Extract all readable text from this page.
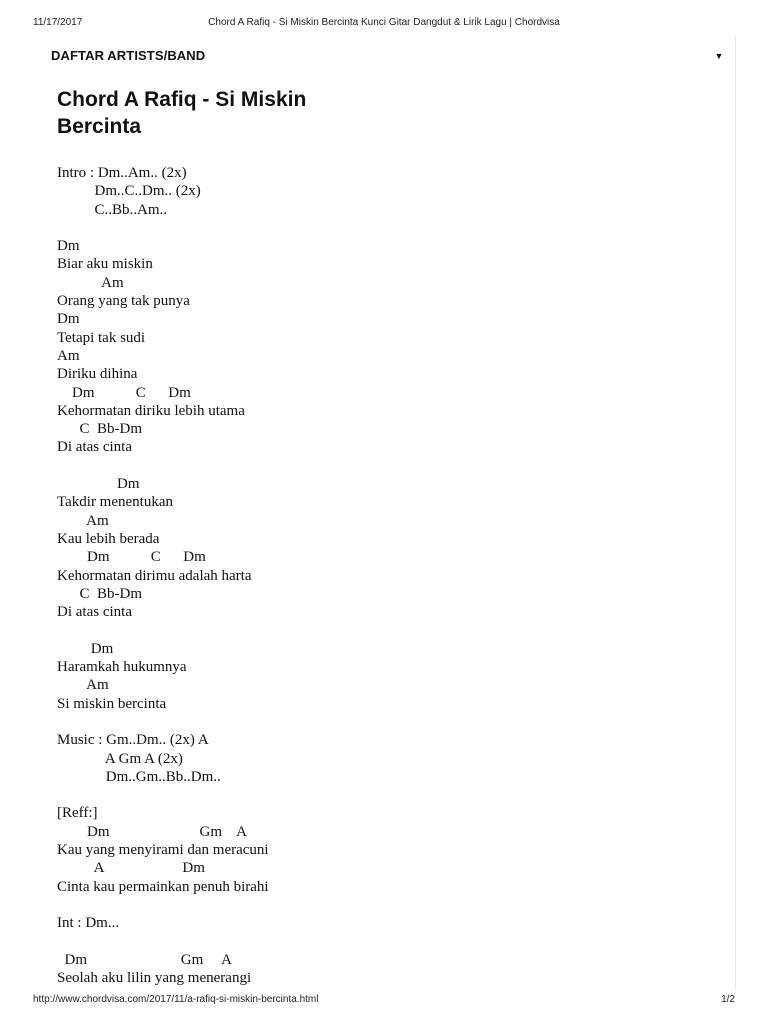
11/17/2017	Chord A Rafiq - Si Miskin Bercinta Kunci Gitar Dangdut & Lirik Lagu | Chordvisa
DAFTAR ARTISTS/BAND	▼
Chord A Rafiq - Si Miskin
Bercinta
Intro : Dm..Am.. (2x)
Dm..C..Dm.. (2x)
C..Bb..Am..

Dm
Biar aku miskin
Am
Orang yang tak punya
Dm
Tetapi tak sudi
Am
Diriku dihina
Dm           C      Dm
Kehormatan diriku lebih utama
C  Bb-Dm
Di atas cinta

Dm
Takdir menentukan
Am
Kau lebih berada
Dm           C      Dm
Kehormatan dirimu adalah harta
C  Bb-Dm
Di atas cinta

Dm
Haramkah hukumnya
Am
Si miskin bercinta

Music : Gm..Dm.. (2x) A
A Gm A (2x)
Dm..Gm..Bb..Dm..

[Reff:]
Dm                        Gm    A
Kau yang menyirami dan meracuni
A                     Dm
Cinta kau permainkan penuh birahi

Int : Dm...

Dm                         Gm     A
Seolah aku lilin yang menerangi
http://www.chordvisa.com/2017/11/a-rafiq-si-miskin-bercinta.html	1/2
